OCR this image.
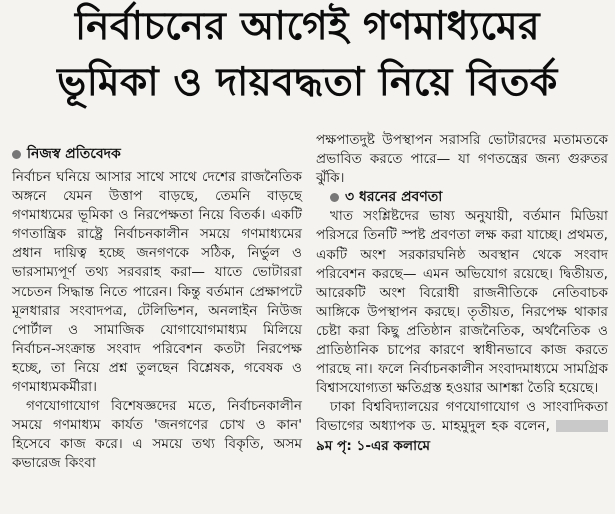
নির্বাচনের আগেই গণমাধ্যমের
ভূমিকা ও দায়বদ্ধতা নিয়ে বিতর্ক
নিজস্ব প্রতিবেদক

নির্বাচন ঘনিয়ে আসার সাথে সাথে দেশের রাজনৈতিক অঙ্গনে যেমন উত্তাপ বাড়ছে, তেমনি বাড়ছে গণমাধ্যমের ভূমিকা ও নিরপেক্ষতা নিয়ে বিতর্ক। একটি গণতান্ত্রিক রাষ্ট্রে নির্বাচনকালীন সময়ে গণমাধ্যমের প্রধান দায়িত্ব হচ্ছে জনগণকে সঠিক, নির্ভুল ও ভারসাম্যপূর্ণ তথ্য সরবরাহ করা— যাতে ভোটাররা সচেতন সিদ্ধান্ত নিতে পারেন। কিন্তু বর্তমান প্রেক্ষাপটে মূলধারার সংবাদপত্র, টেলিভিশন, অনলাইন নিউজ পোর্টাল ও সামাজিক যোগাযোগমাধ্যম মিলিয়ে নির্বাচন-সংক্রান্ত সংবাদ পরিবেশন কতটা নিরপেক্ষ হচ্ছে, তা নিয়ে প্রশ্ন তুলছেন বিশ্লেষক, গবেষক ও গণমাধ্যমকর্মীরা।

গণযোগাযোগ বিশেষজ্ঞদের মতে, নির্বাচনকালীন সময়ে গণমাধ্যম কার্যত 'জনগণের চোখ ও কান' হিসেবে কাজ করে। এ সময়ে তথ্য বিকৃতি, অসম কভারেজ কিংবা

পক্ষপাতদুষ্ট উপস্থাপন সরাসরি ভোটারদের মতামতকে প্রভাবিত করতে পারে— যা গণতন্ত্রের জন্য গুরুতর ঝুঁকি।

৩ ধরনের প্রবণতা

খাত সংশ্লিষ্টদের ভাষ্য অনুযায়ী, বর্তমান মিডিয়া পরিসরে তিনটি স্পষ্ট প্রবণতা লক্ষ করা যাচ্ছে। প্রথমত, একটি অংশ সরকারঘনিষ্ঠ অবস্থান থেকে সংবাদ পরিবেশন করছে— এমন অভিযোগ রয়েছে। দ্বিতীয়ত, আরেকটি অংশ বিরোধী রাজনীতিকে নেতিবাচক আঙ্গিকে উপস্থাপন করছে। তৃতীয়ত, নিরপেক্ষ থাকার চেষ্টা করা কিছু প্রতিষ্ঠান রাজনৈতিক, অর্থনৈতিক ও প্রাতিষ্ঠানিক চাপের কারণে স্বাধীনভাবে কাজ করতে পারছে না। ফলে নির্বাচনকালীন সংবাদমাধ্যমে সামগ্রিক বিশ্বাসযোগ্যতা ক্ষতিগ্রস্ত হওয়ার আশঙ্কা তৈরি হয়েছে।

ঢাকা বিশ্ববিদ্যালয়ের গণযোগাযোগ ও সাংবাদিকতা বিভাগের অধ্যাপক ড. মাহমুদুল হক বলেন,  ৯ম পৃ: ১-এর কলামে
